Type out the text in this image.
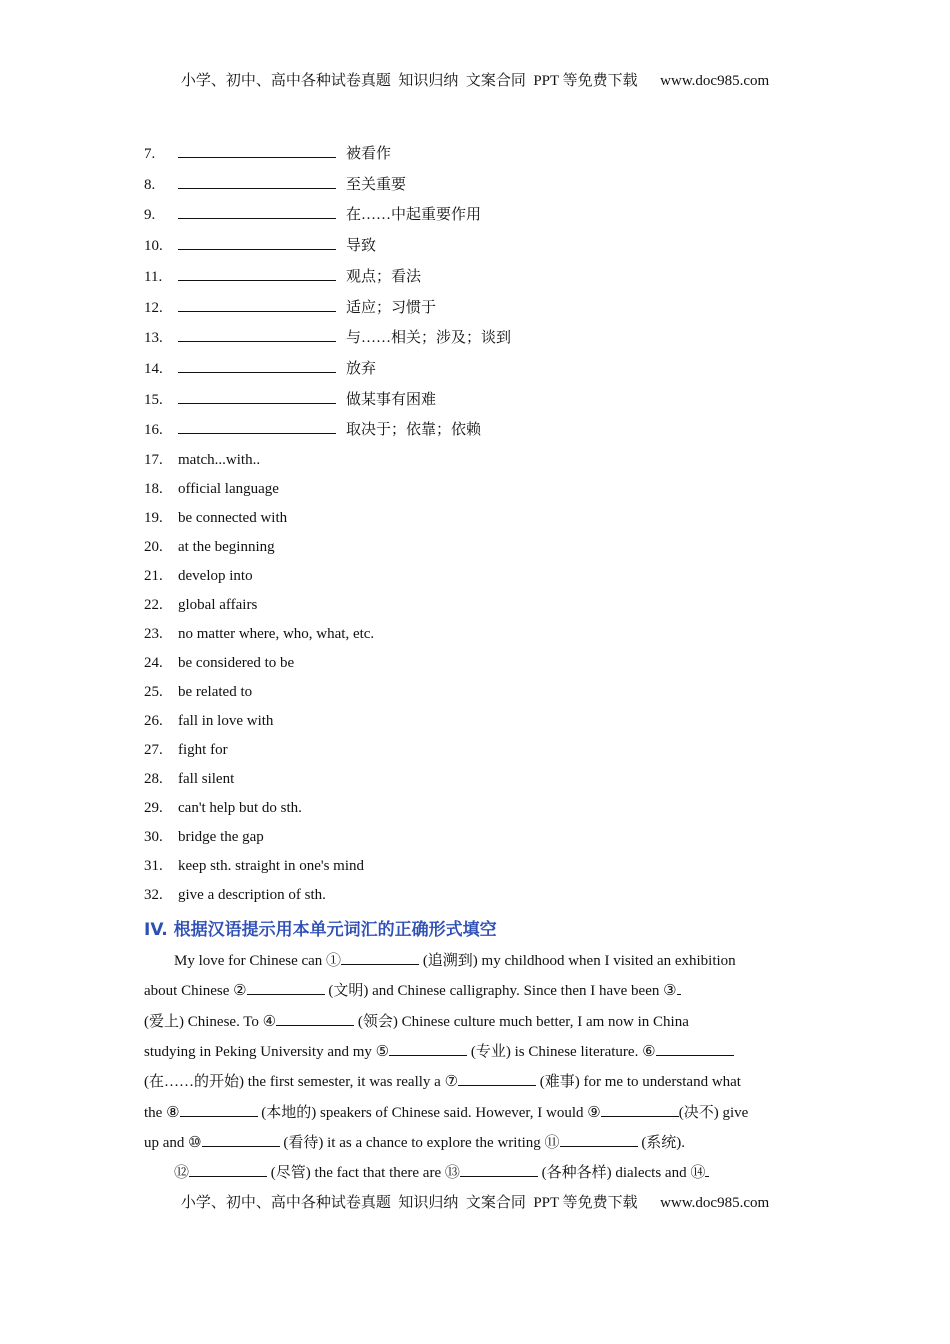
小学、初中、高中各种试卷真题  知识归纳  文案合同  PPT 等免费下载      www.doc985.com
7.	被看作
8.	至关重要
9.	在……中起重要作用
10.	导致
11.	观点；看法
12.	适应；习惯于
13.	与……相关；涉及；谈到
14.	放弃
15.	做某事有困难
16.	取决于；依靠；依赖
17. match...with..
18. official language
19. be connected with
20. at the beginning
21. develop into
22. global affairs
23. no matter where, who, what, etc.
24. be considered to be
25. be related to
26. fall in love with
27. fight for
28. fall silent
29. can't help but do sth.
30. bridge the gap
31. keep sth. straight in one's mind
32. give a description of sth.
IV. 根据汉语提示用本单元词汇的正确形式填空
　　My love for Chinese can ①	(追溯到) my childhood when I visited an exhibition
about Chinese ②	(文明) and Chinese calligraphy. Since then I have been ③
(爱上) Chinese. To ④	(领会) Chinese culture much better, I am now in China
studying in Peking University and my ⑤	(专业) is Chinese literature. ⑥
(在……的开始) the first semester, it was really a ⑦	(难事) for me to understand what
the ⑧	(本地的) speakers of Chinese said. However, I would ⑨	(决不) give
up and ⑩	(看待) it as a chance to explore the writing ⑪	(系统).
　　⑫	(尽管) the fact that there are ⑬	(各种各样) dialects and ⑭
小学、初中、高中各种试卷真题  知识归纳  文案合同  PPT 等免费下载      www.doc985.com
